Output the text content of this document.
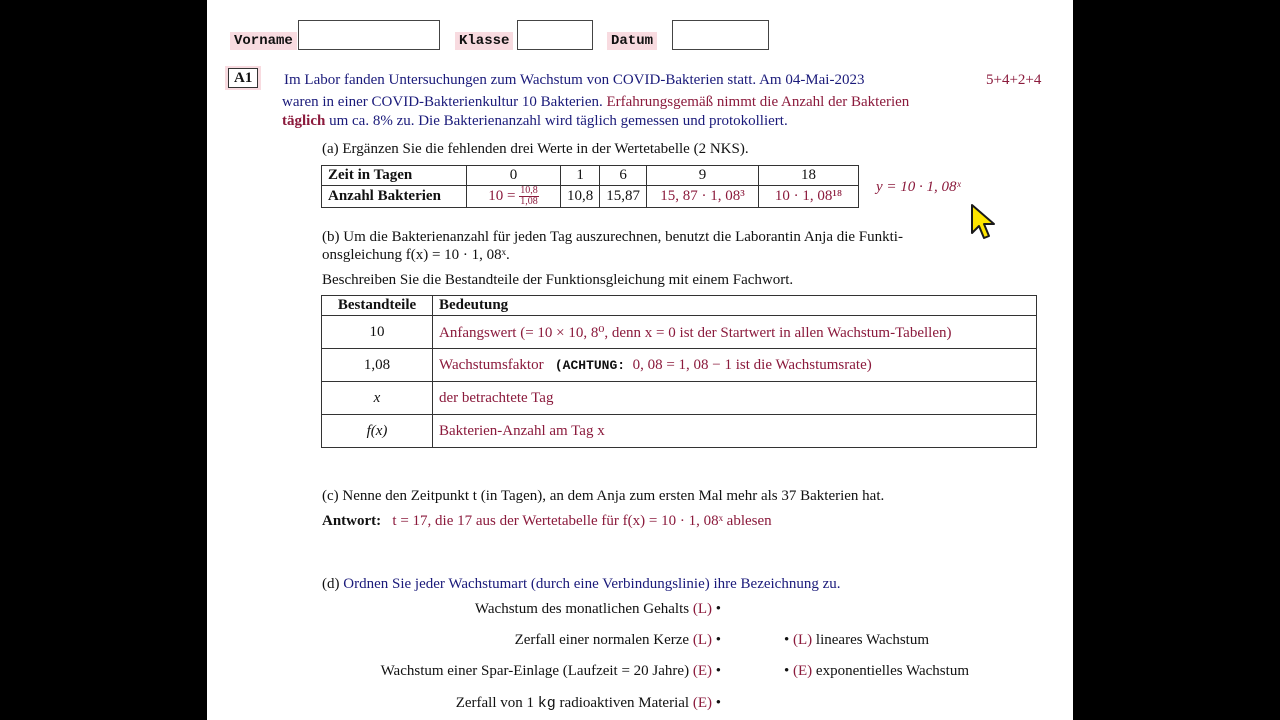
Vorname	Klasse	Datum
A1	5+4+2+4
Im Labor fanden Untersuchungen zum Wachstum von COVID-Bakterien statt. Am 04-Mai-2023
waren in einer COVID-Bakterienkultur 10 Bakterien. Erfahrungsgemäß nimmt die Anzahl der Bakterien
täglich um ca. 8% zu. Die Bakterienanzahl wird täglich gemessen und protokolliert.
(a) Ergänzen Sie die fehlenden drei Werte in der Wertetabelle (2 NKS).
Zeit in Tagen	0	1	6	9	18
Anzahl Bakterien	$10 = \frac{10,8}{1,08}$	10,8	15,87	15, 87 · 1, 08³	10 · 1, 08¹⁸
y = 10 · 1, 08ˣ
(b) Um die Bakterienanzahl für jeden Tag auszurechnen, benutzt die Laborantin Anja die Funkti-
onsgleichung f(x) = 10 · 1, 08ˣ.
Beschreiben Sie die Bestandteile der Funktionsgleichung mit einem Fachwort.
Bestandteile	Bedeutung
10	Anfangswert (= 10 × 10, 8⁰, denn x = 0 ist der Startwert in allen Wachstum-Tabellen)
1,08	Wachstumsfaktor (ACHTUNG: 0, 08 = 1, 08 − 1 ist die Wachstumsrate)
x	der betrachtete Tag
f(x)	Bakterien-Anzahl am Tag x
(c) Nenne den Zeitpunkt t (in Tagen), an dem Anja zum ersten Mal mehr als 37 Bakterien hat.
Antwort: t = 17, die 17 aus der Wertetabelle für f(x) = 10 · 1, 08ˣ ablesen
(d) Ordnen Sie jeder Wachstumart (durch eine Verbindungslinie) ihre Bezeichnung zu.
Wachstum des monatlichen Gehalts (L) •
Zerfall einer normalen Kerze (L) •
Wachstum einer Spar-Einlage (Laufzeit = 20 Jahre) (E) •
Zerfall von 1 kg radioaktiven Material (E) •
• (L) lineares Wachstum
• (E) exponentielles Wachstum
